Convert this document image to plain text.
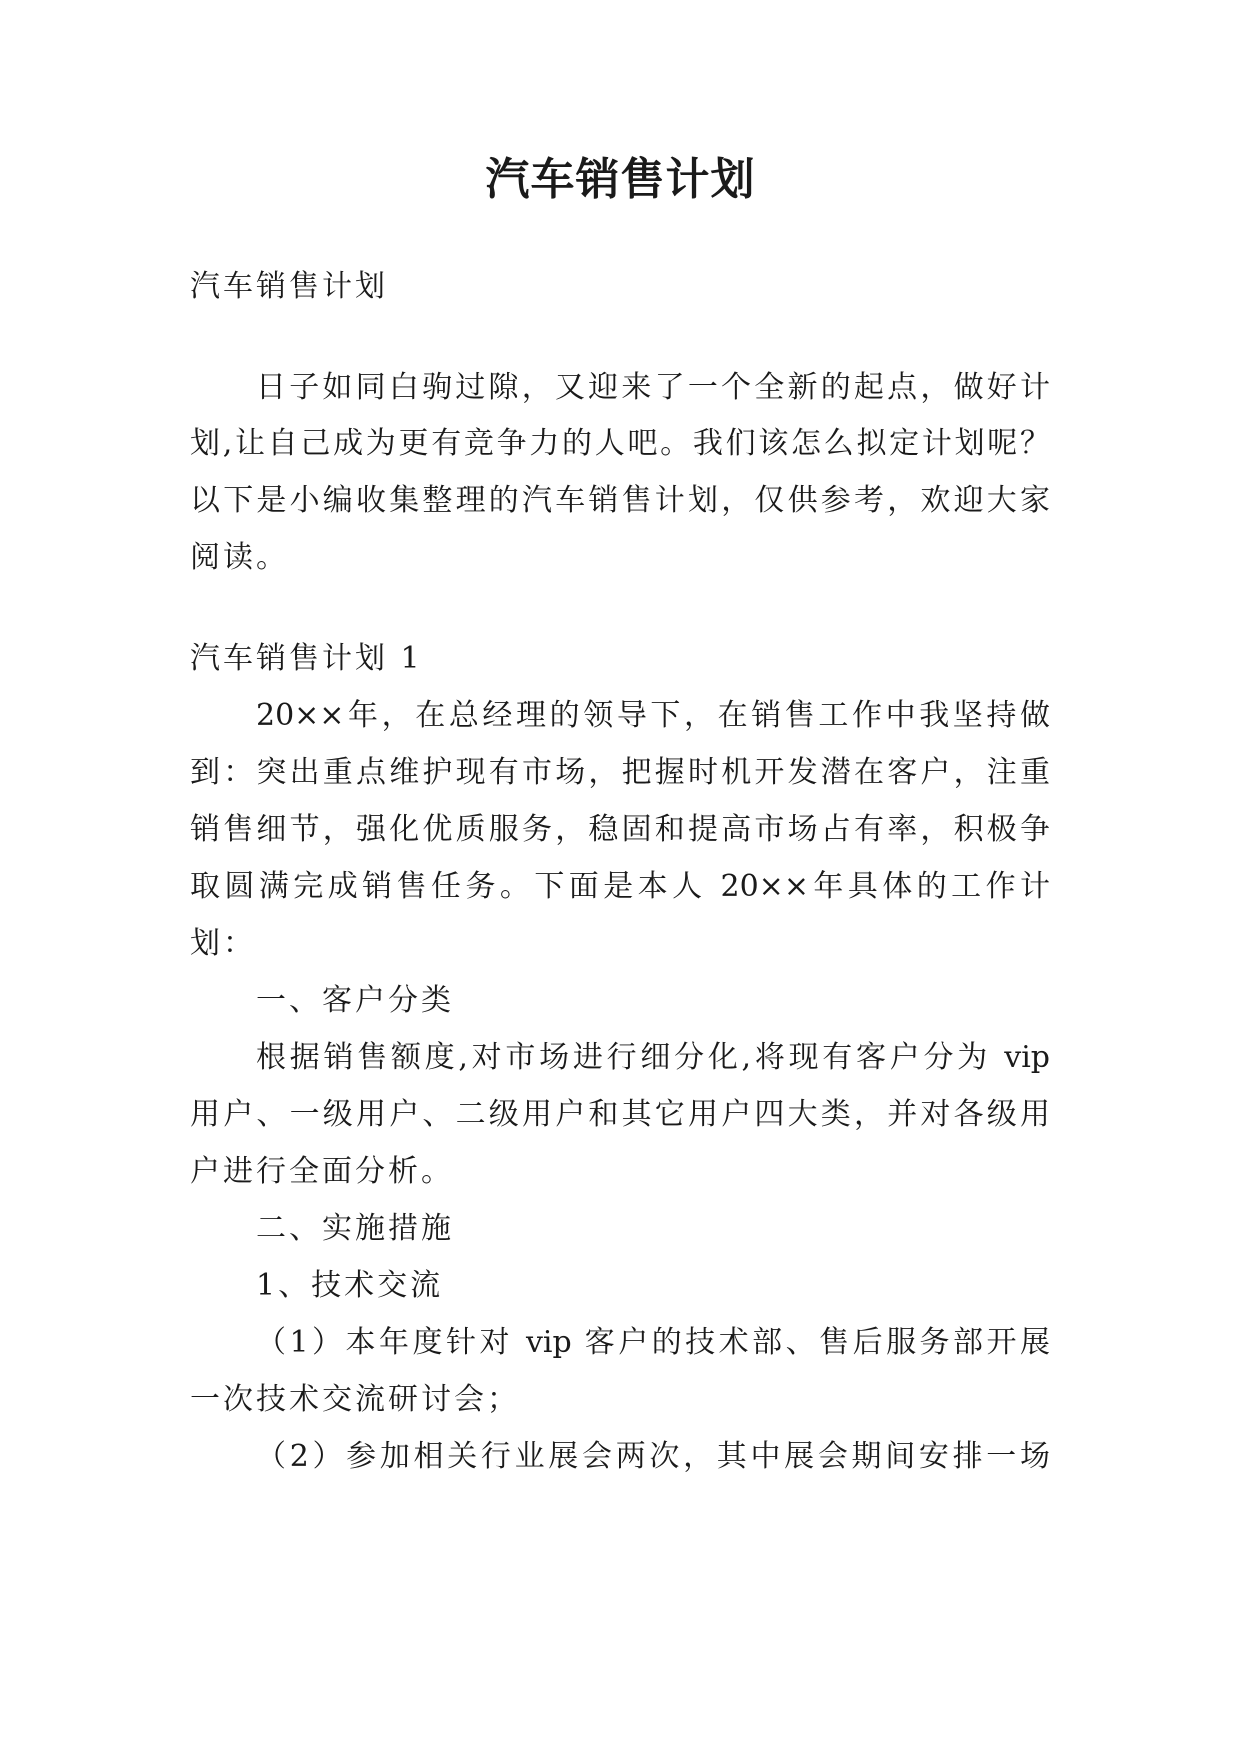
汽车销售计划
汽车销售计划
日子如同白驹过隙，又迎来了一个全新的起点，做好计
划,让自己成为更有竞争力的人吧。我们该怎么拟定计划呢？
以下是小编收集整理的汽车销售计划，仅供参考，欢迎大家
阅读。
汽车销售计划 1
20××年，在总经理的领导下，在销售工作中我坚持做
到：突出重点维护现有市场，把握时机开发潜在客户，注重
销售细节，强化优质服务，稳固和提高市场占有率，积极争
取圆满完成销售任务。下面是本人 20××年具体的工作计
划：
一、客户分类
根据销售额度,对市场进行细分化,将现有客户分为 vip
用户、一级用户、二级用户和其它用户四大类，并对各级用
户进行全面分析。
二、实施措施
1、技术交流
（1）本年度针对 vip 客户的技术部、售后服务部开展
一次技术交流研讨会；
（2）参加相关行业展会两次，其中展会期间安排一场
